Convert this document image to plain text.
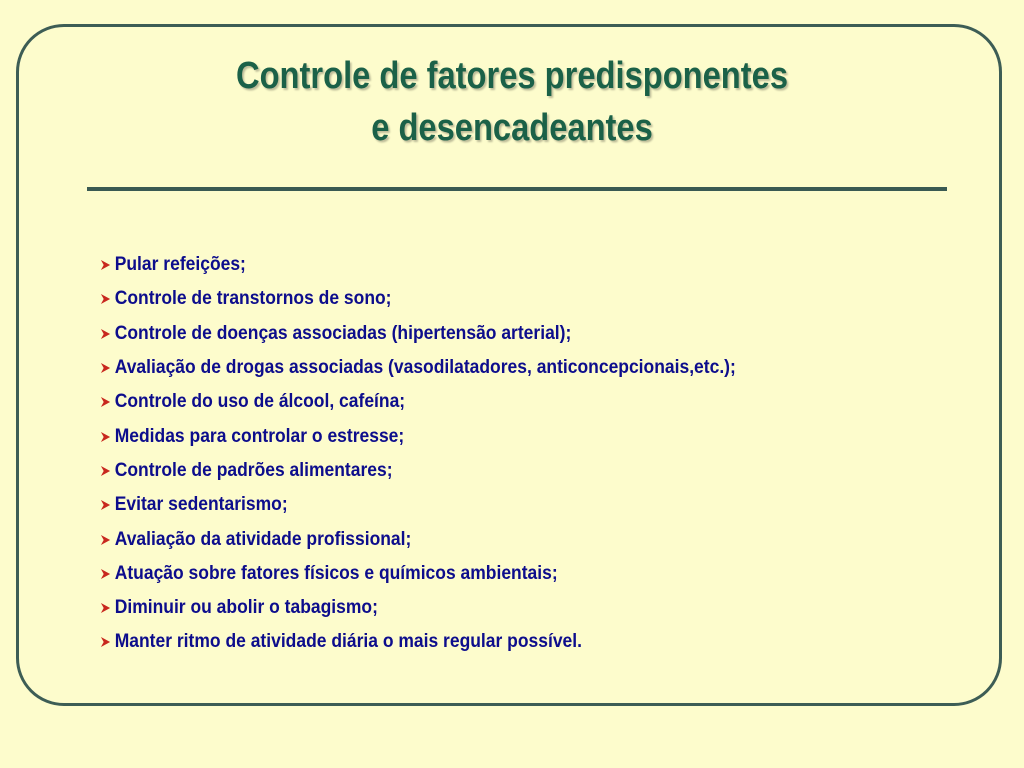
Controle de fatores predisponentes
e desencadeantes
Pular refeições;
Controle de transtornos de sono;
Controle de doenças associadas (hipertensão arterial);
Avaliação de drogas associadas (vasodilatadores, anticoncepcionais,etc.);
Controle do uso de álcool, cafeína;
Medidas para controlar o estresse;
Controle de padrões alimentares;
Evitar sedentarismo;
Avaliação da atividade profissional;
Atuação sobre fatores físicos e químicos ambientais;
Diminuir ou abolir o tabagismo;
Manter ritmo de atividade diária o mais regular possível.
